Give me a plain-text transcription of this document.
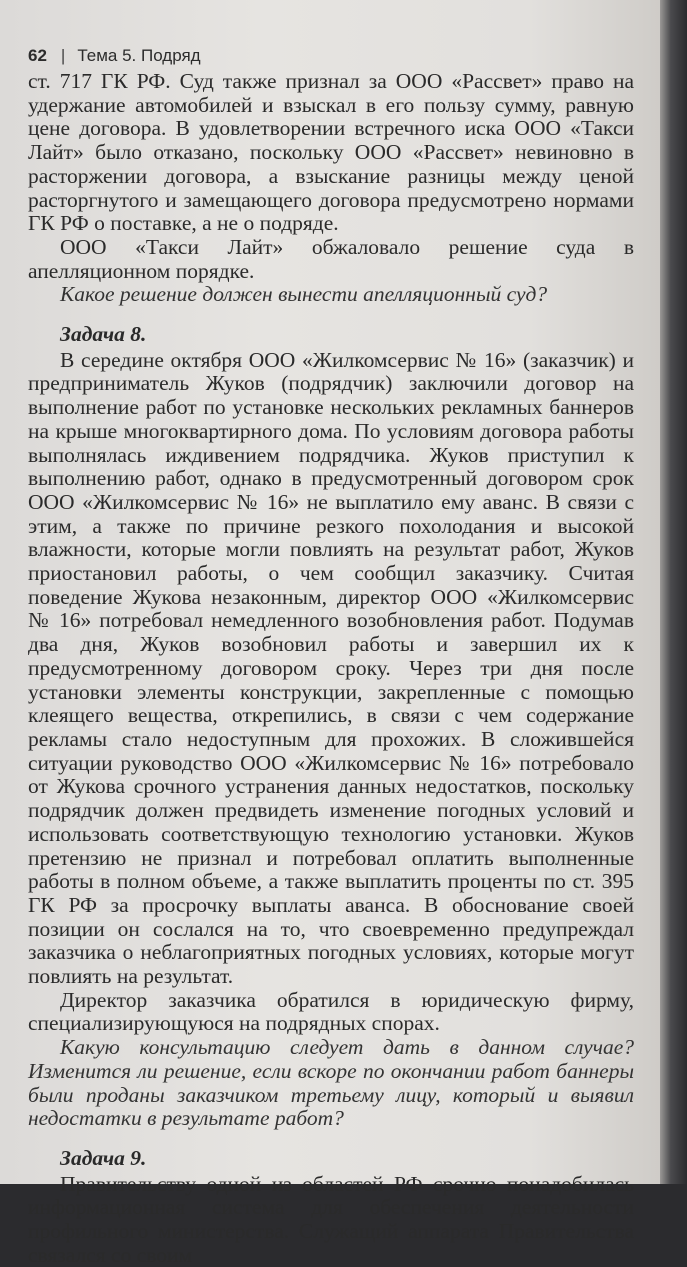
62 | Тема 5. Подряд

ст. 717 ГК РФ. Суд также признал за ООО «Рассвет» право на удержание автомобилей и взыскал в его пользу сумму, равную цене договора. В удовлетворении встречного иска ООО «Такси Лайт» было отказано, поскольку ООО «Рассвет» невиновно в расторжении договора, а взыскание разницы между ценой расторгнутого и замещающего договора предусмотрено нормами ГК РФ о поставке, а не о подряде.

ООО «Такси Лайт» обжаловало решение суда в апелляционном порядке.

Какое решение должен вынести апелляционный суд?

Задача 8.

В середине октября ООО «Жилкомсервис № 16» (заказчик) и предприниматель Жуков (подрядчик) заключили договор на выполнение работ по установке нескольких рекламных баннеров на крыше многоквартирного дома. По условиям договора работы выполнялась иждивением подрядчика. Жуков приступил к выполнению работ, однако в предусмотренный договором срок ООО «Жилкомсервис № 16» не выплатило ему аванс. В связи с этим, а также по причине резкого похолодания и высокой влажности, которые могли повлиять на результат работ, Жуков приостановил работы, о чем сообщил заказчику. Считая поведение Жукова незаконным, директор ООО «Жилкомсервис № 16» потребовал немедленного возобновления работ. Подумав два дня, Жуков возобновил работы и завершил их к предусмотренному договором сроку. Через три дня после установки элементы конструкции, закрепленные с помощью клеящего вещества, открепились, в связи с чем содержание рекламы стало недоступным для прохожих. В сложившейся ситуации руководство ООО «Жилкомсервис № 16» потребовало от Жукова срочного устранения данных недостатков, поскольку подрядчик должен предвидеть изменение погодных условий и использовать соответствующую технологию установки. Жуков претензию не признал и потребовал оплатить выполненные работы в полном объеме, а также выплатить проценты по ст. 395 ГК РФ за просрочку выплаты аванса. В обоснование своей позиции он сослался на то, что своевременно предупреждал заказчика о неблагоприятных погодных условиях, которые могут повлиять на результат.

Директор заказчика обратился в юридическую фирму, специализирующуюся на подрядных спорах.

Какую консультацию следует дать в данном случае? Изменится ли решение, если вскоре по окончании работ баннеры были проданы заказчиком третьему лицу, который и выявил недостатки в результате работ?

Задача 9.

Правительству одной из областей РФ срочно понадобилась информационная система для обеспечения деятельности профильного министерства. Служащий аппарата Правительства связался со своим
